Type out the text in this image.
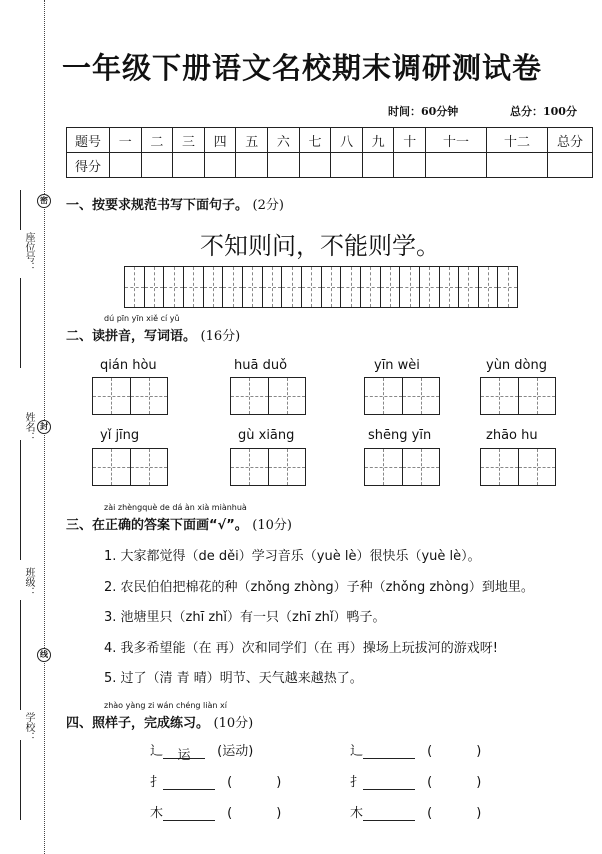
座位号：
姓名：
班级：
学校：
密
封
线
一年级下册语文名校期末调研测试卷
时间：60分钟	总分：100分
题号	一	二	三	四	五	六	七	八	九	十	十一	十二	总分
得分													
一、按要求规范书写下面句子。 (2分)
不知则问，不能则学。
dú pīn yīn xiě cí yǔ
二、读拼音，写词语。 (16分)
qián hòu	huā duǒ	yīn wèi	yùn dòng
yǐ jīng	gù xiāng	shēng yīn	zhāo hu
zài zhèngquè de dá àn xià miànhuà
三、在正确的答案下面画“√”。 (10分)
1. 大家都觉得（de děi）学习音乐（yuè lè）很快乐（yuè lè）。
2. 农民伯伯把棉花的种（zhǒng zhòng）子种（zhǒng zhòng）到地里。
3. 池塘里只（zhī zhǐ）有一只（zhī zhǐ）鸭子。
4. 我多希望能（在 再）次和同学们（在 再）操场上玩拔河的游戏呀!
5. 过了（清 青 晴）明节、天气越来越热了。
zhào yàng zi wán chéng liàn xí
四、照样子，完成练习。 (10分)
辶 运 (运动)	辶	(	)
扌	(	)	扌	(	)
木	(	)	木	(	)
